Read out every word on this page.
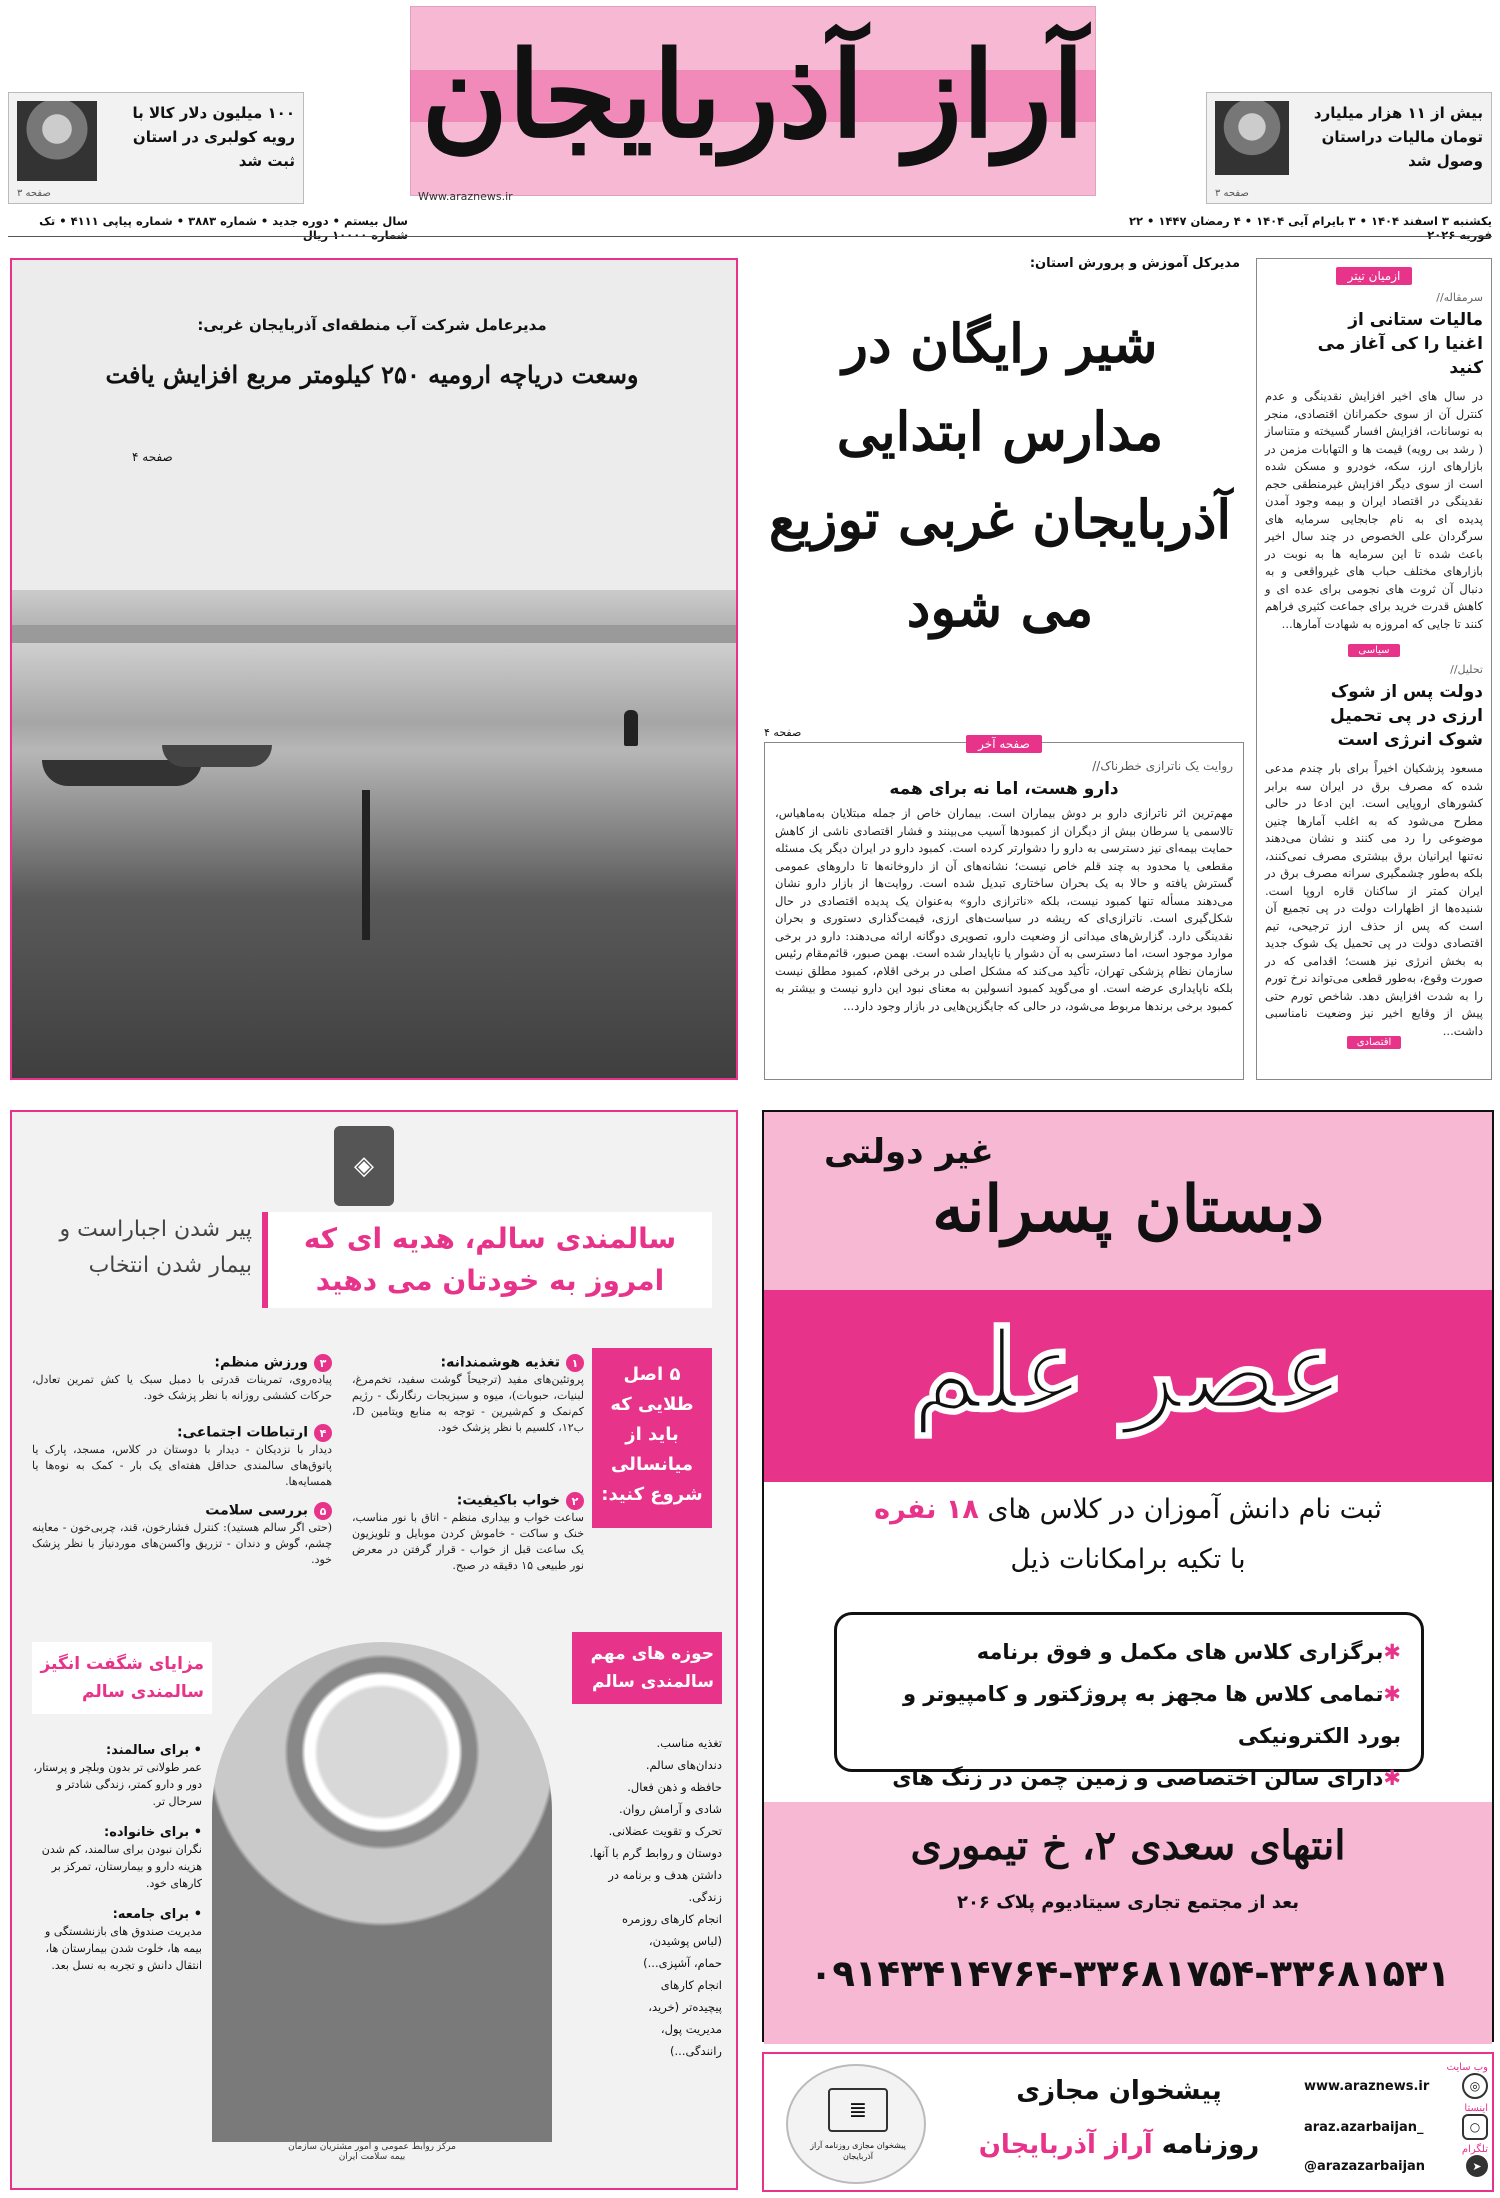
آراز آذربایجان
Www.araznews.ir
بیش از ۱۱ هزار میلیارد تومان مالیات دراستان وصول شد
صفحه ۳
۱۰۰ میلیون دلار کالا با رویه کولبری در استان ثبت شد
صفحه ۳
یکشنبه ۳ اسفند ۱۴۰۴ • ۳ بایرام آیی ۱۴۰۴ • ۴ رمضان ۱۴۴۷ • ۲۲ فوریه ۲۰۲۶
سال بیستم • دوره جدید • شماره ۳۸۸۳ • شماره پیاپی ۴۱۱۱ • تک شماره ۱۰۰۰۰ ریال
ازمیان تیتر
سرمقاله//
مالیات ستانی از اغنیا را کی آغاز می کنید
در سال های اخیر افزایش نقدینگی و عدم کنترل آن از سوی حکمرانان اقتصادی، منجر به نوسانات، افزایش افسار گسیخته و متناساز ( رشد بی رویه) قیمت ها و التهابات مزمن در بازارهای ارز، سکه، خودرو و مسکن شده است از سوی دیگر افزایش غیرمنطقی حجم نقدینگی در اقتصاد ایران و بیمه وجود آمدن پدیده ای به نام جابجایی سرمایه های سرگردان علی الخصوص در چند سال اخیر باعث شده تا این سرمایه ها به نوبت در بازارهای مختلف حباب های غیرواقعی و به دنبال آن ثروت های نجومی برای عده ای و کاهش قدرت خرید برای جماعت کثیری فراهم کنند تا جایی که امروزه به شهادت آمارها...
سیاسی
تحلیل//
دولت پس از شوک ارزی در پی تحمیل شوک انرژی است
مسعود پزشکیان اخیراً برای بار چندم مدعی شده که مصرف برق در ایران سه برابر کشورهای اروپایی است. این ادعا در حالی مطرح می‌شود که به اغلب آمارها چنین موضوعی را رد می کنند و نشان می‌دهند نه‌تنها ایرانیان برق بیشتری مصرف نمی‌کنند، بلکه به‌طور چشمگیری سرانه مصرف برق در ایران کمتر از ساکنان قاره اروپا است. شنیده‌ها از اظهارات دولت در پی تجمیع آن است که پس از حذف ارز ترجیحی، تیم اقتصادی دولت در پی تحمیل یک شوک جدید به بخش انرژی نیز هست؛ اقدامی که در صورت وقوع، به‌طور قطعی می‌تواند نرخ تورم را به شدت افزایش دهد. شاخص تورم حتی پیش از وقایع اخیر نیز وضعیت نامناسبی داشت...
اقتصادی
مدیرکل آموزش و پرورش استان:
شیر رایگان در مدارس ابتدایی آذربایجان غربی توزیع می شود
صفحه ۴
صفحه آخر
روایت یک ناترازی خطرناک//
دارو هست، اما نه برای همه
مهم‌ترین اثر ناترازی دارو بر دوش بیماران است. بیماران خاص از جمله مبتلایان به‌ماهیاس، تالاسمی یا سرطان بیش از دیگران از کمبودها آسیب می‌بینند و فشار اقتصادی ناشی از کاهش حمایت بیمه‌ای نیز دسترسی به دارو را دشوارتر کرده است. کمبود دارو در ایران دیگر یک مسئله مقطعی یا محدود به چند قلم خاص نیست؛ نشانه‌های آن از داروخانه‌ها تا داروهای عمومی گسترش یافته و حالا به یک بحران ساختاری تبدیل شده است. روایت‌ها از بازار دارو نشان می‌دهند مسأله تنها کمبود نیست، بلکه «ناترازی دارو» به‌عنوان یک پدیده اقتصادی در حال شکل‌گیری است. ناترازی‌ای که ریشه در سیاست‌های ارزی، قیمت‌گذاری دستوری و بحران نقدینگی دارد. گزارش‌های میدانی از وضعیت دارو، تصویری دوگانه ارائه می‌دهند: دارو در برخی موارد موجود است، اما دسترسی به آن دشوار یا ناپایدار شده است. بهمن صبور، قائم‌مقام رئیس سازمان نظام پزشکی تهران، تأکید می‌کند که مشکل اصلی در برخی اقلام، کمبود مطلق نیست بلکه ناپایداری عرضه است. او می‌گوید کمبود انسولین به معنای نبود این دارو نیست و بیشتر به کمبود برخی برندها مربوط می‌شود، در حالی که جایگزین‌هایی در بازار وجود دارد...
مدیرعامل شرکت آب منطقه‌ای آذربایجان غربی:
وسعت دریاچه ارومیه ۲۵۰ کیلومتر مربع افزایش یافت
صفحه ۴
◈
پیر شدن اجباراست و بیمار شدن انتخاب
سالمندی سالم، هدیه ای که امروز به خودتان می دهید
۵ اصل طلایی که باید از میانسالی شروع کنید:
۱تغذیه هوشمندانه:
پروتئین‌های مفید (ترجیحاً گوشت سفید، تخم‌مرغ، لبنیات، حبوبات)، میوه و سبزیجات رنگارنگ - رژیم کم‌نمک و کم‌شیرین - توجه به منابع ویتامین D، ب۱۲، کلسیم با نظر پزشک خود.
۲خواب باکیفیت:
ساعت خواب و بیداری منظم - اتاق با نور مناسب، خنک و ساکت - خاموش کردن موبایل و تلویزیون یک ساعت قبل از خواب - قرار گرفتن در معرض نور طبیعی ۱۵ دقیقه در صبح.
۳ورزش منظم:
پیاده‌روی، تمرینات قدرتی با دمبل سبک یا کش تمرین تعادل، حرکات کششی روزانه با نظر پزشک خود.
۴ارتباطات اجتماعی:
دیدار با نزدیکان - دیدار با دوستان در کلاس، مسجد، پارک یا پاتوق‌های سالمندی حداقل هفته‌ای یک بار - کمک به نوه‌ها یا همسایه‌ها.
۵بررسی سلامت
(حتی اگر سالم هستید): کنترل فشارخون، قند، چربی‌خون - معاینه چشم، گوش و دندان - تزریق واکسن‌های موردنیاز با نظر پزشک خود.
حوزه های مهم سالمندی سالم
تغذیه مناسب.
دندان‌های سالم.
حافظه و ذهن فعال.
شادی و آرامش روان.
تحرک و تقویت عضلانی.
دوستان و روابط گرم با آنها.
داشتن هدف و برنامه در زندگی.
انجام کارهای روزمره
(لباس پوشیدن،
حمام، آشپزی...)
انجام کارهای
پیچیده‌تر (خرید،
مدیریت پول،
رانندگی...)
مزایای شگفت انگیز سالمندی سالم
• برای سالمند:
عمر طولانی تر بدون وبلچر و پرستار، دور و دارو کمتر، زندگی شادتر و سرحال تر.
• برای خانواده:
نگران نبودن برای سالمند، کم شدن هزینه دارو و بیمارستان، تمرکز بر کارهای خود.
• برای جامعه:
مدیریت صندوق های بازنشستگی و بیمه ها، خلوت شدن بیمارستان ها، انتقال دانش و تجربه به نسل بعد.
مرکز روابط عمومی و امور مشتریان سازمان بیمه سلامت ایران
غیر دولتی
دبستان پسرانه
عصر علم
ثبت نام دانش آموزان در کلاس های ۱۸ نفره
با تکیه برامکانات ذیل
✱برگزاری کلاس های مکمل و فوق برنامه
✱تمامی کلاس ها مجهز به پروژکتور و کامپیوتر و بورد الکترونیکی
✱دارای سالن اختصاصی و زمین چمن در زنگ های
انتهای سعدی ۲، خ تیموری
بعد از مجتمع تجاری سیتادیوم پلاک ۲۰۶
۰۹۱۴۳۴۱۴۷۶۴-۳۳۶۸۱۷۵۴-۳۳۶۸۱۵۳۱
≣
پیشخوان مجازی روزنامه آراز آذربایجان
پیشخوان مجازی
روزنامه آراز آذربایجان
وب سایت
www.araznews.ir	◎
اینستا
araz.azarbaijan_	○
تلگرام
@arazazarbaijan	➤
